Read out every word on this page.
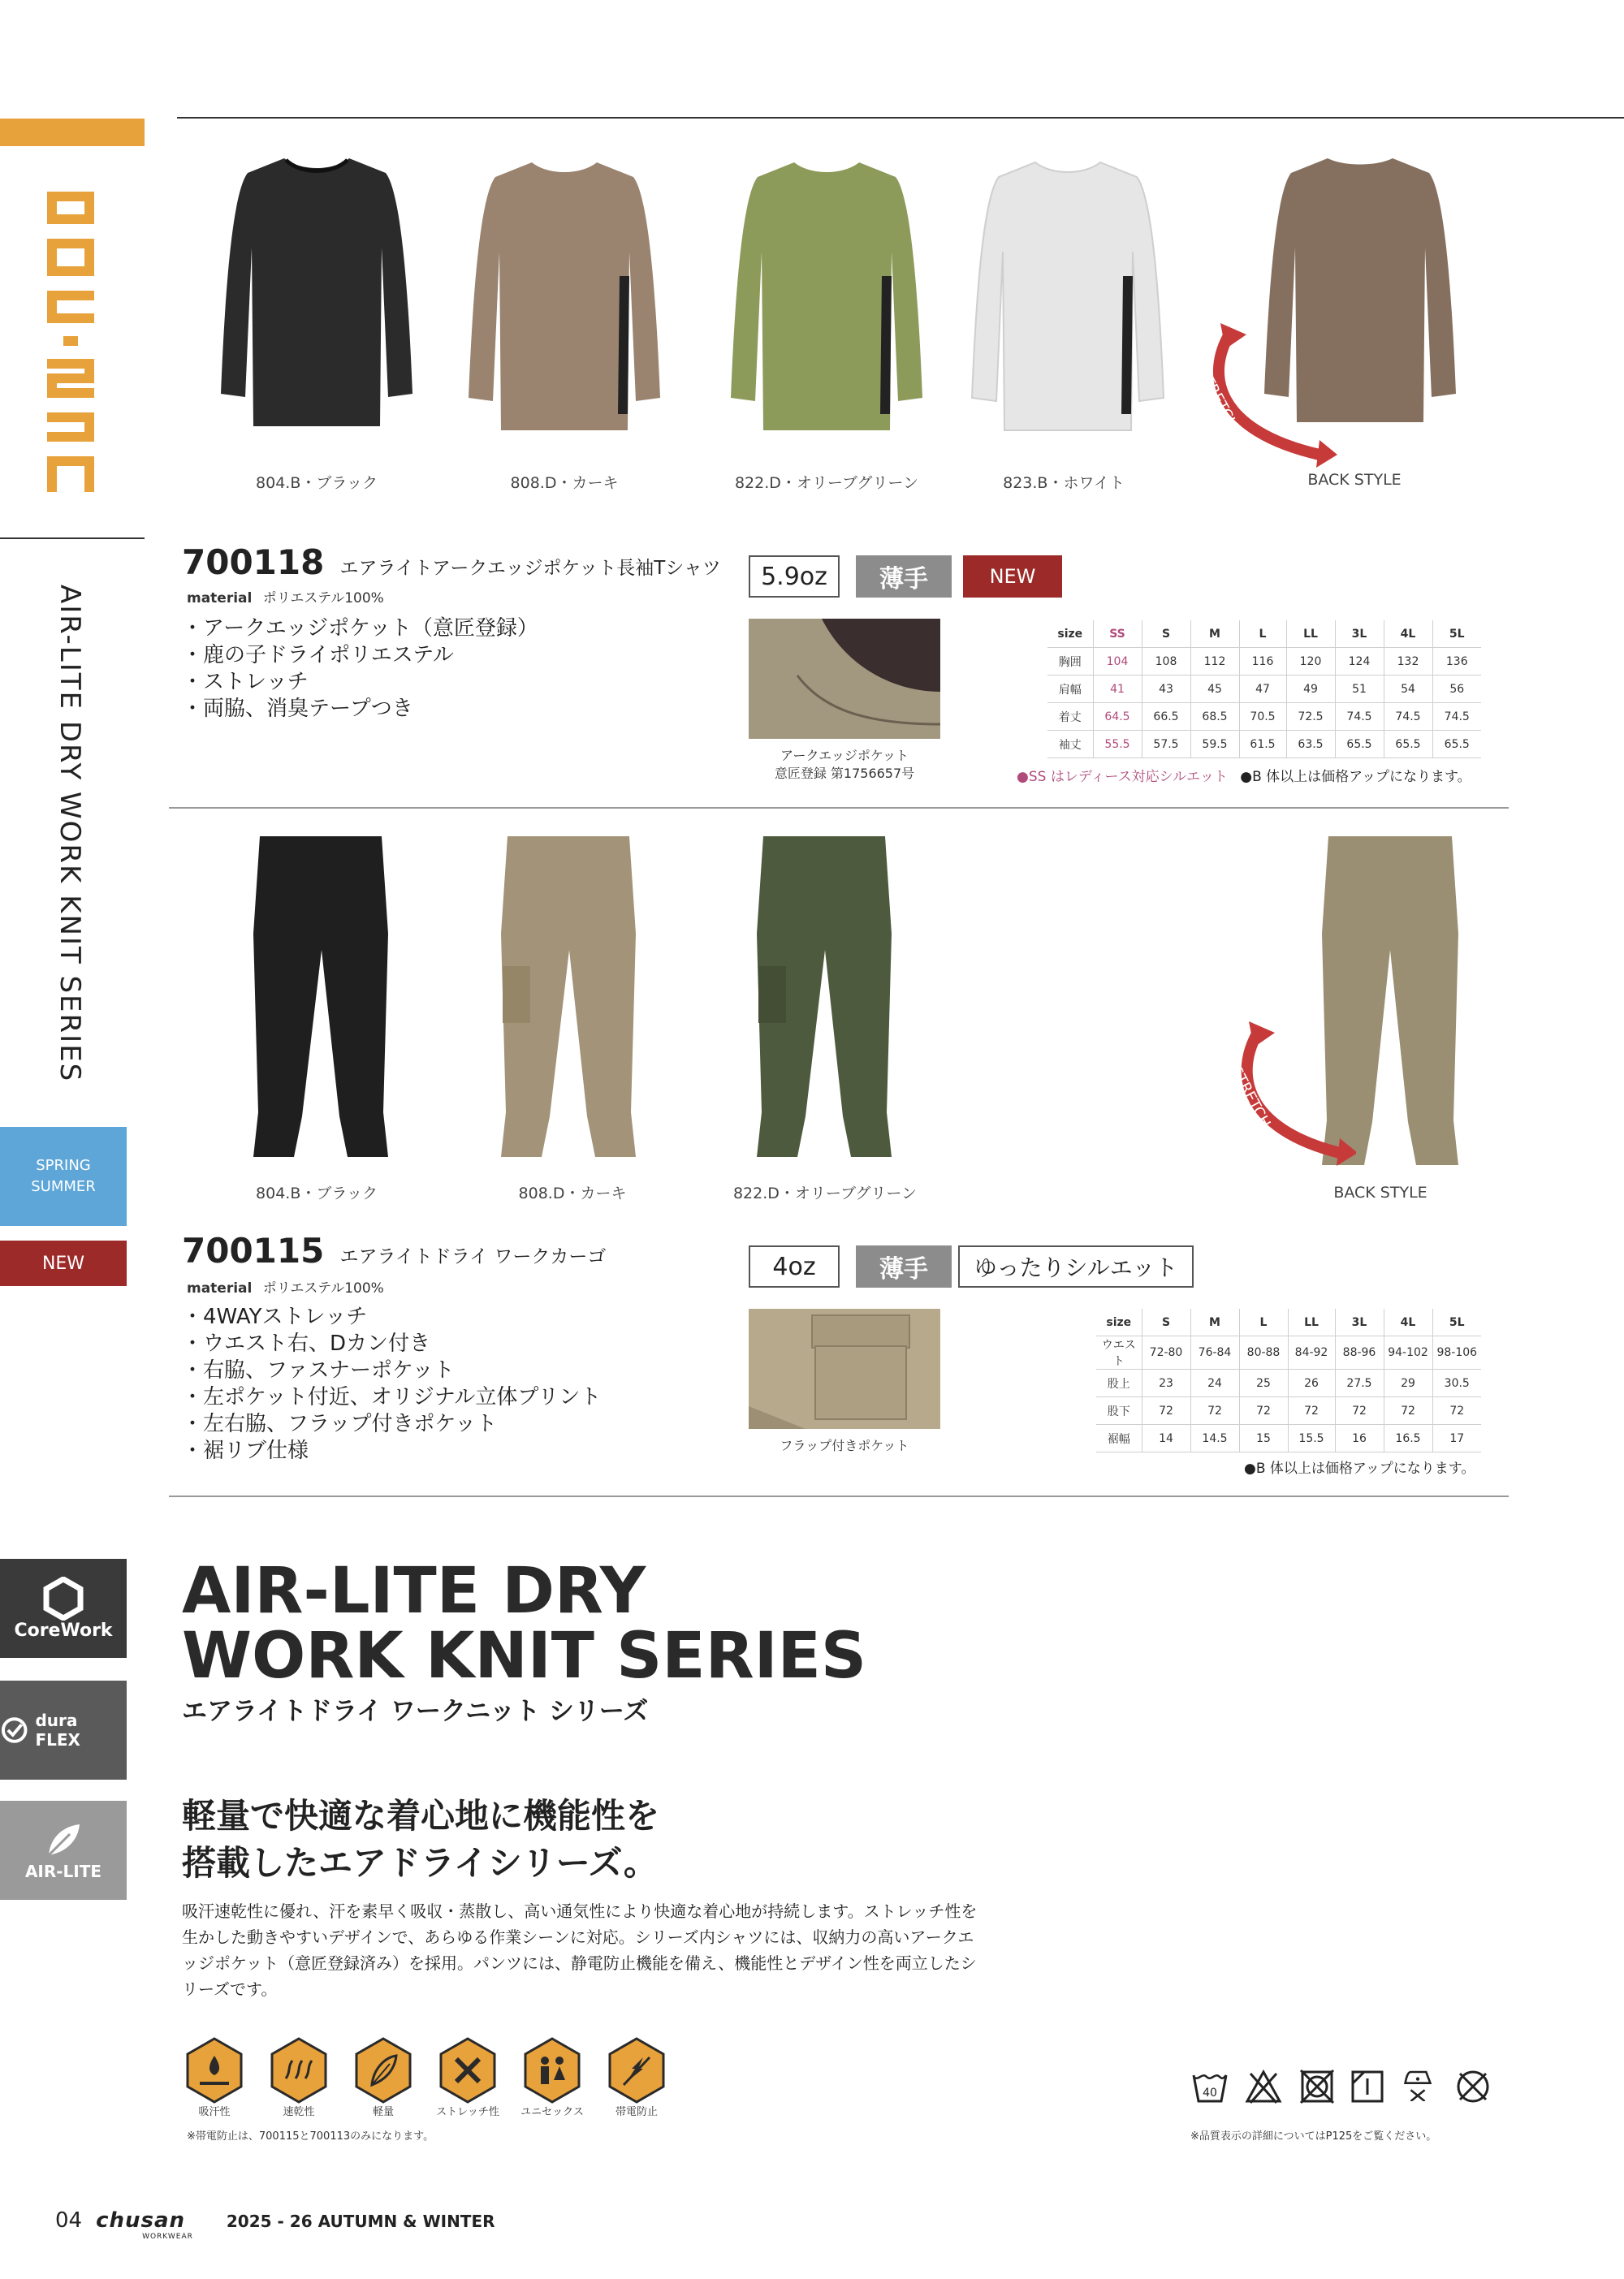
AIR-LITE DRY WORK KNIT SERIES
SPRING
SUMMER
NEW
CoreWork
dura FLEX
AIR-LITE
STRETCH
804.B・ブラック	808.D・カーキ	822.D・オリーブグリーン	823.B・ホワイト	BACK STYLE
700118 エアライトアークエッジポケット長袖Tシャツ
material ポリエステル100%
・アークエッジポケット（意匠登録）
・鹿の子ドライポリエステル
・ストレッチ
・両脇、消臭テープつき
5.9oz	薄手	NEW
アークエッジポケット
意匠登録 第1756657号
size	SS	S	M	L	LL	3L	4L	5L
胸囲	104	108	112	116	120	124	132	136
肩幅	41	43	45	47	49	51	54	56
着丈	64.5	66.5	68.5	70.5	72.5	74.5	74.5	74.5
袖丈	55.5	57.5	59.5	61.5	63.5	65.5	65.5	65.5
●SS はレディース対応シルエット ●B 体以上は価格アップになります。
STRETCH
804.B・ブラック	808.D・カーキ	822.D・オリーブグリーン	BACK STYLE
700115 エアライトドライ ワークカーゴ
material ポリエステル100%
・4WAYストレッチ
・ウエスト右、Dカン付き
・右脇、ファスナーポケット
・左ポケット付近、オリジナル立体プリント
・左右脇、フラップ付きポケット
・裾リブ仕様
4oz	薄手	ゆったりシルエット
フラップ付きポケット
size	S	M	L	LL	3L	4L	5L
ウエスト	72-80	76-84	80-88	84-92	88-96	94-102	98-106
股上	23	24	25	26	27.5	29	30.5
股下	72	72	72	72	72	72	72
裾幅	14	14.5	15	15.5	16	16.5	17
●B 体以上は価格アップになります。
AIR-LITE DRY
WORK KNIT SERIES
エアライトドライ ワークニット シリーズ
軽量で快適な着心地に機能性を
搭載したエアドライシリーズ。
吸汗速乾性に優れ、汗を素早く吸収・蒸散し、高い通気性により快適な着心地が持続します。ストレッチ性を生かした動きやすいデザインで、あらゆる作業シーンに対応。シリーズ内シャツには、収納力の高いアークエッジポケット（意匠登録済み）を採用。パンツには、静電防止機能を備え、機能性とデザイン性を両立したシリーズです。
吸汗性	速乾性	軽量	ストレッチ性	ユニセックス	帯電防止
※帯電防止は、700115と700113のみになります。
40
※品質表示の詳細についてはP125をご覧ください。
04 chusan $_{WORKWEAR}$ 2025 - 26 AUTUMN & WINTER
